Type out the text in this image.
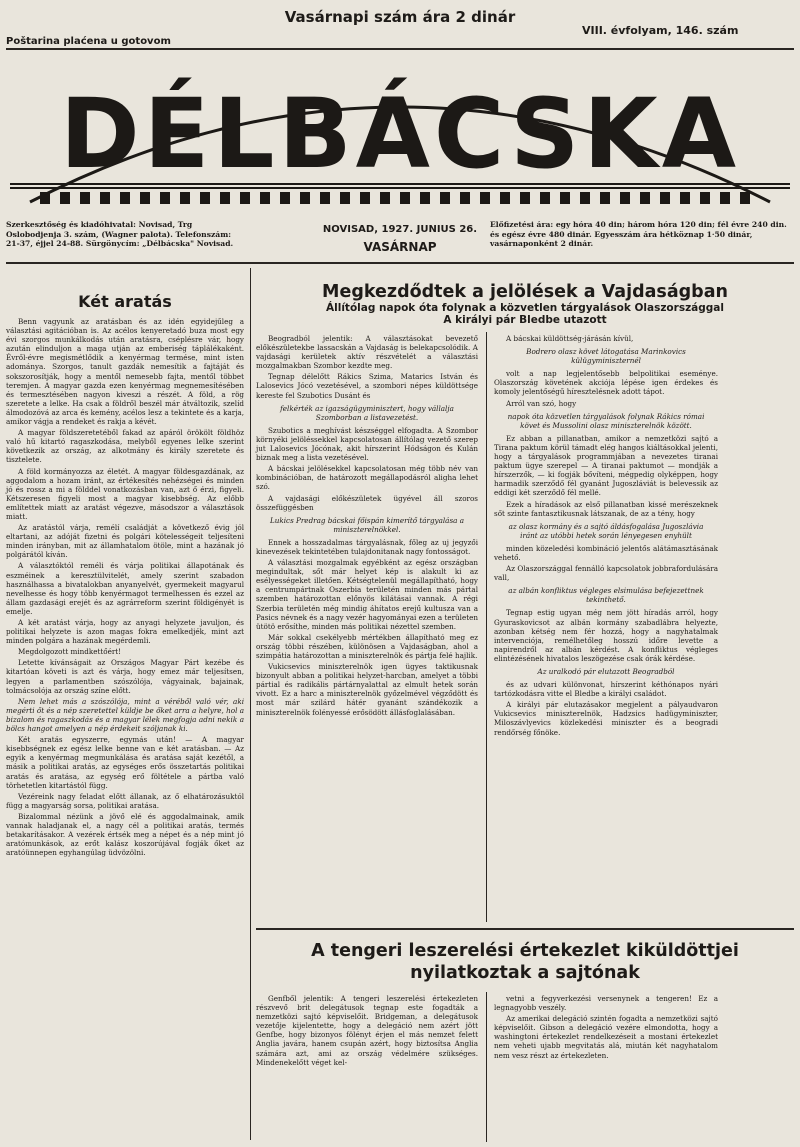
Vasárnapi szám ára 2 dinár
Poštarina plaćena u gotovom
VIII. évfolyam, 146. szám
DÉLBÁCSKA
Szerkesztőség és kiadóhivatal: Novisad, Trg Oslobodjenja 3. szám, (Wagner palota). Telefonszám: 21-37, éjjel 24-88. Sürgönycím: „Délbácska" Novisad.
NOVISAD, 1927. JUNIUS 26.
VASÁRNAP
Előfizetési ára: egy hóra 40 din; három hóra 120 din; fél évre 240 din. és egész évre 480 dinár. Egyesszám ára hétköznap 1·50 dinár, vasárnaponként 2 dinár.
Két aratás

Benn vagyunk az aratásban és az idén egyidejűleg a választási agitációban is. Az acélos kenyeretadó buza most egy évi szorgos munkálkodás után aratásra, cséplésre vár, hogy azután elinduljon a maga utján az emberiség táplálékaként. Évről-évre megismétlődik a kenyérmag termése, mint isten adománya. Szorgos, tanult gazdák nemesítik a fajtáját és sokszorosítják, hogy a mentől nemesebb fajta, mentől többet teremjen. A magyar gazda ezen kenyérmag megnemesítésében és termesztésében nagyon kiveszi a részét. A föld, a rög szeretete a lelke. Ha csak a földről beszél már átváltozik, szelíd álmodozóvá az arca és kemény, acélos lesz a tekintete és a karja, amikor vágja a rendeket és rakja a kévét.

A magyar földszeretetéből fakad az apáról örökölt földhöz való hű kitartó ragaszkodása, melyből egyenes lelke szerint következik az ország, az alkotmány és király szeretete és tisztelete.

A föld kormányozza az életét. A magyar földesgazdának, az aggodalom a hozam iránt, az értékesítés nehézségei és minden jó és rossz a mi a földdel vonatkozásban van, azt ő érzi, figyeli. Kétszeresen figyeli most a magyar kisebbség. Az előbb említettek miatt az aratást végezve, másodszor a választások miatt.

Az aratástól várja, remélí családját a következő évig jól eltartani, az adóját fizetni és polgári kötelességeit teljesíteni minden irányban, mit az államhatalom ötöle, mint a hazának jó polgárától kíván.

A választóktól reméli és várja politikai állapotának és eszméinek a keresztülvitelét, amely szerint szabadon használhassa a bivatalokban anyanyelvét, gyermekeit magyarul nevelhesse és hogy több kenyérmagot termelhessen és ezzel az állam gazdasági erejét és az agrárreform szerint földigényét is emelje.

A két aratást várja, hogy az anyagi helyzete javuljon, és politikai helyzete is azon magas fokra emelkedjék, mint azt minden polgára a hazának megérdemli.

Megdolgozott mindkettőért!

Letette kívánságait az Országos Magyar Párt kezébe és kitartóan követi is azt és várja, hogy emez már teljesítsen, legyen a parlamentben szószólója, vágyainak, bajainak, tolmácsolója az ország színe előtt.

Nem lehet más a szószólója, mint a véréből való vér, aki megérti őt és a nép szeretettel küldje be őket arra a helyre, hol a bizalom és ragaszkodás és a magyar lélek megfogja adni nekik a bölcs hangot amelyen a nép érdekeit szóljanak ki.

Két aratás egyszerre, egymás után! — A magyar kisebbségnek ez egész lelke benne van e két aratásban. — Az egyik a kenyérmag megmunkálása és aratása saját kezétől, a másik a politikai aratás, az egységes erős összetartás politikai aratás és aratása, az egység erő föltétele a pártba való törhetetlen kitartástól függ.

Vezéreink nagy feladat előtt állanak, az ő elhatározásuktól függ a magyarság sorsa, politikai aratása.

Bizalommal nézünk a jövő elé és aggodalmainak, amik vannak haladjanak el, a nagy cél a politikai aratás, termés betakarításakor. A vezérek értsék meg a népet és a nép mint jó aratómunkások, az erőt kalász koszorújával fogják őket az aratóünnepen egyhangúlag üdvözölni.

Megkezdődtek a jelölések a Vajdaságban
Állítólag napok óta folynak a közvetlen tárgyalások Olaszországgal
A királyi pár Bledbe utazott

Beogradból jelentik: A választásokat bevezető előkészületekbe lassacskán a Vajdaság is belekapcsolódik. A vajdasági kerületek aktív részvételét a választási mozgalmakban Szombor kezdte meg.

Tegnap délelőtt Rákics Szima, Matarics István és Lalosevics Jócó vezetésével, a szombori népes küldöttsége kereste fel Szubotics Dusánt és

felkérték az igazságügyminisztert, hogy vállalja Szomborban a listavezetést.

Szubotics a meghívást készséggel elfogadta. A Szombor környéki jelöléssekkel kapcsolatosan állítólag vezető szerep jut Lalosevics Jócónak, akit hírszerint Hódságon és Kulán biznak meg a lista vezetésével.

A bácskai jelölésekkel kapcsolatosan még több név van kombinációban, de határozott megállapodásról aligha lehet szó.

A vajdasági előkészületek ügyével áll szoros összefüggésben

Lukics Predrag bácskai főispán kimerítő tárgyalása a miniszterelnökkel.

Ennek a hosszadalmas tárgyalásnak, főleg az uj jegyzői kinevezések tekintetében tulajdonitanak nagy fontosságot.

A választási mozgalmak egyébként az egész országban megindultak, sőt már helyet kép is alakult ki az esélyességeket illetően. Kétségtelenül megállapítható, hogy a centrumpártnak Oszerbia területén minden más pártal szemben határozottan előnyös kilátásai vannak. A régi Szerbia területén még mindig áhítatos erejű kultusza van a Pasics névnek és a nagy vezér hagyományai ezen a területen ütötö erősíthe, minden más politikai nézettel szemben.

Már sokkal csekélyebb mértékben állapítható meg ez ország többi részében, különösen a Vajdaságban, ahol a szimpátia határozottan a miniszterelnök és pártja felé hajlik.

Vukicsevics miniszterelnök igen ügyes taktikusnak bizonyult abban a politikai helyzet-harcban, amelyet a többi pártial és radikális pártárnyalattal az elmult hetek során vivott. Ez a harc a miniszterelnök győzelmével végződött és most már szilárd hátér gyanánt szándékozik a miniszterelnök folényessé erősödött állásfoglalásában.

A bácskai küldöttség-járásán kívül,

Bodrero olasz követ látogatása Marinkovics külügyminiszternél

volt a nap legjelentősebb belpolitikai eseménye. Olaszország követének akciója lépése igen érdekes és komoly jelentőségű híresztelésnek adott tápot.

Arról van szó, hogy

napok óta közvetlen tárgyalások folynak Rákics római követ és Mussolini olasz miniszterelnök között.

Ez abban a pillanatban, amikor a nemzetközi sajtó a Tirana paktum körül támadt elég hangos kiáltásokkal jelenti, hogy a tárgyalások programmjában a nevezetes tiranai paktum ügye szerepel — A tiranai paktumot — mondják a hírszerzők, — ki fogják bővíteni, mégpedig olyképpen, hogy harmadik szerződő fél gyanánt Jugoszláviát is belevessik az eddigi két szerződő fél mellé.

Ezek a híradások az első pillanatban kissé merészeknek sőt szinte fantasztikusnak látszanak, de az a tény, hogy

az olasz kormány és a sajtó áldásfogalása Jugoszlávia iránt az utóbbi hetek során lényegesen enyhült

minden közeledési kombináció jelentős alátámasztásának vehető.

Az Olaszországgal fennálló kapcsolatok jobbrafordulására vall,

az albán konfliktus végleges elsimulása befejezettnek tekinthető.

Tegnap estig ugyan még nem jött híradás arról, hogy Gyuraskovicsot az albán kormány szabadlábra helyezte, azonban kétség nem fér hozzá, hogy a nagyhatalmak intervenciója, remélhetőleg hosszú időre levette a napirendről az albán kérdést. A konfliktus végleges elintézésének hivatalos leszögezése csak órák kérdése.

Az uralkodó pár elutazott Beogradból

és az udvari különvonat, hírszerint kéthónapos nyári tartózkodásra vitte el Bledbe a királyi családot.

A királyi pár elutazásakor megjelent a pályaudvaron Vukicsevics miniszterelnök, Hadzsics hadügyminiszter, Miloszávlyevics közlekedési miniszter és a beogradi rendőrség főnöke.

A tengeri leszerelési értekezlet kiküldöttjei nyilatkoztak a sajtónak

Genfből jelentik: A tengeri leszerelési értekezleten részvevő brit delegátusok tegnap este fogadták a nemzetközi sajtó képviselőit. Bridgeman, a delegátusok vezetője kijelentette, hogy a delegáció nem azért jött Genfbe, hogy bizonyos fölényt érjen el más nemzet felett Anglia javára, hanem csupán azért, hogy biztosítsa Anglia számára azt, ami az ország védelmére szükséges. Mindenekelőtt véget kel-

vetni a fegyverkezési versenynek a tengeren! Ez a legnagyobb veszély.

Az amerikai delegáció szintén fogadta a nemzetközi sajtó képviselőit. Gibson a delegáció vezére elmondotta, hogy a washingtoni értekezlet rendelkezéseit a mostani értekezlet nem veheti ujabb megvitatás alá, miután két nagyhatalom nem vesz részt az értekezleten.
